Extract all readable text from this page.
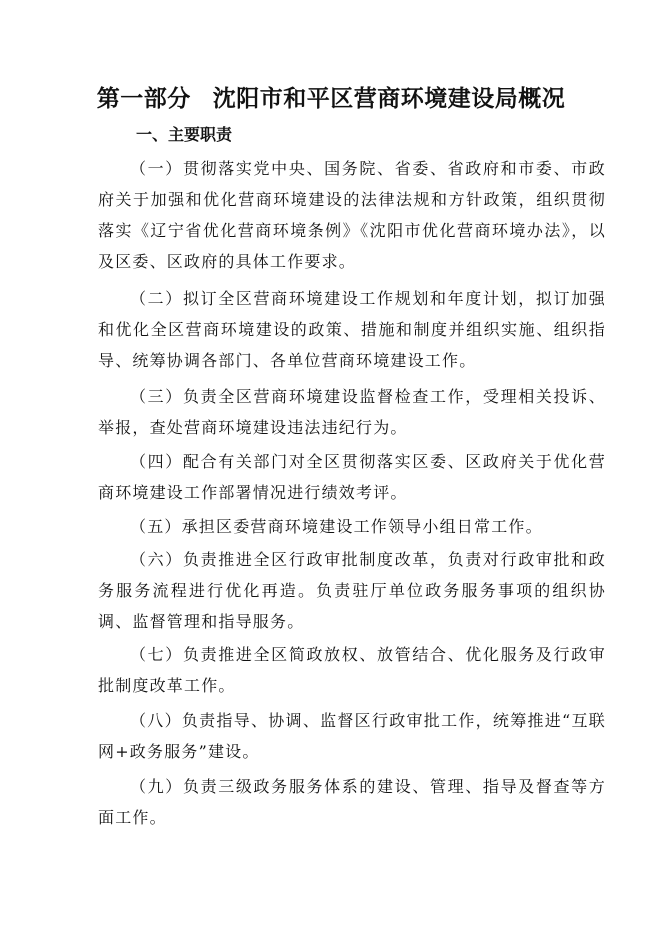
第一部分 沈阳市和平区营商环境建设局概况
一、主要职责

（一）贯彻落实党中央、国务院、省委、省政府和市委、市政府关于加强和优化营商环境建设的法律法规和方针政策，组织贯彻落实《辽宁省优化营商环境条例》《沈阳市优化营商环境办法》，以及区委、区政府的具体工作要求。

（二）拟订全区营商环境建设工作规划和年度计划，拟订加强和优化全区营商环境建设的政策、措施和制度并组织实施、组织指导、统筹协调各部门、各单位营商环境建设工作。

（三）负责全区营商环境建设监督检查工作，受理相关投诉、举报，查处营商环境建设违法违纪行为。

（四）配合有关部门对全区贯彻落实区委、区政府关于优化营商环境建设工作部署情况进行绩效考评。

（五）承担区委营商环境建设工作领导小组日常工作。

（六）负责推进全区行政审批制度改革，负责对行政审批和政务服务流程进行优化再造。负责驻厅单位政务服务事项的组织协调、监督管理和指导服务。

（七）负责推进全区简政放权、放管结合、优化服务及行政审批制度改革工作。

（八）负责指导、协调、监督区行政审批工作，统筹推进“互联网+政务服务”建设。

（九）负责三级政务服务体系的建设、管理、指导及督查等方面工作。
